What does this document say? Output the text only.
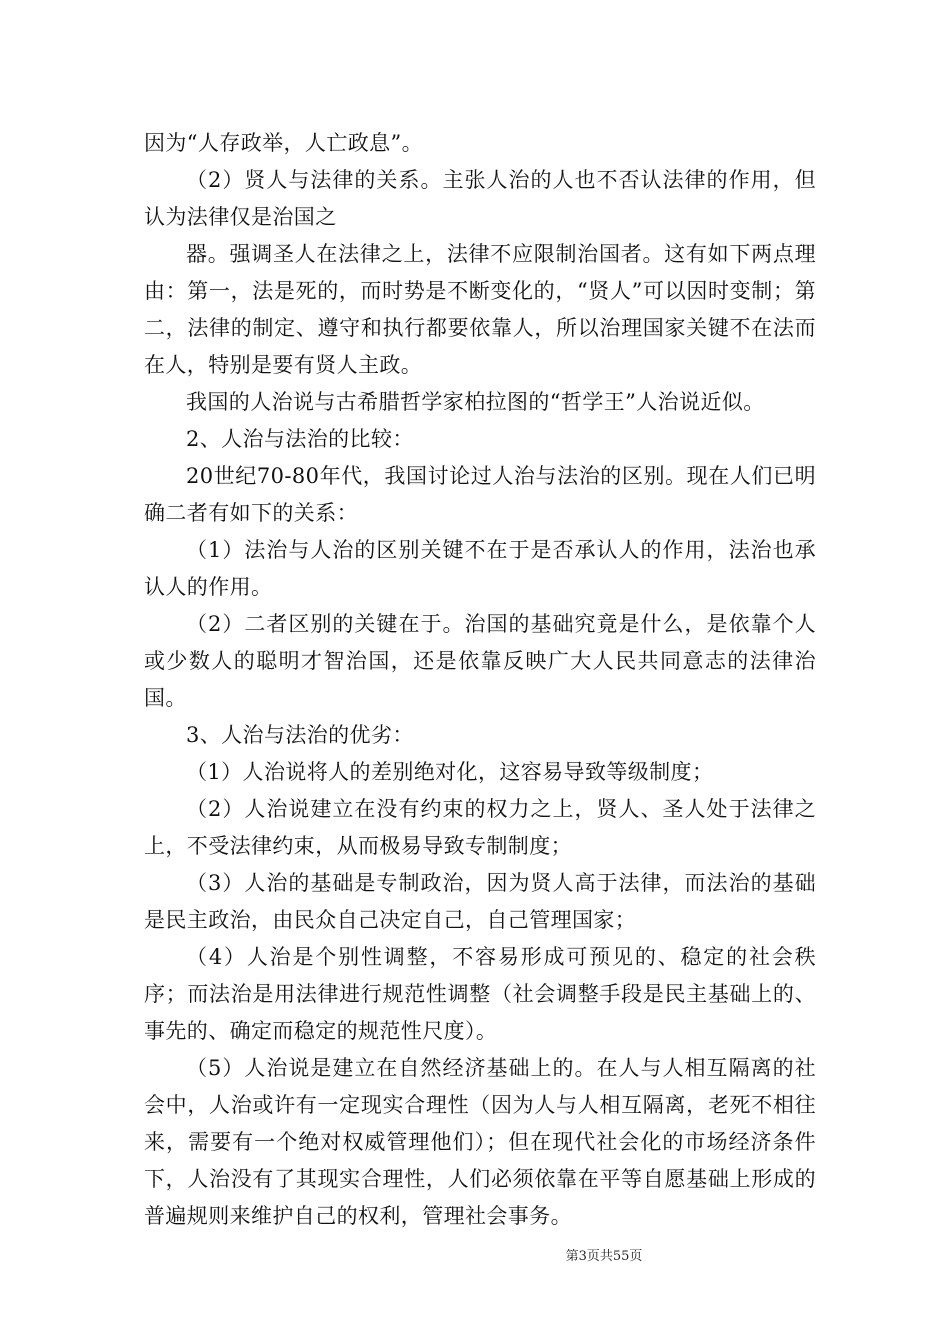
因为“人存政举，人亡政息”。

（2）贤人与法律的关系。主张人治的人也不否认法律的作用，但认为法律仅是治国之

器。强调圣人在法律之上，法律不应限制治国者。这有如下两点理由：第一，法是死的，而时势是不断变化的，“贤人”可以因时变制；第二，法律的制定、遵守和执行都要依靠人，所以治理国家关键不在法而在人，特别是要有贤人主政。

我国的人治说与古希腊哲学家柏拉图的“哲学王”人治说近似。

2、人治与法治的比较：

20世纪70-80年代，我国讨论过人治与法治的区别。现在人们已明确二者有如下的关系：

（1）法治与人治的区别关键不在于是否承认人的作用，法治也承认人的作用。

（2）二者区别的关键在于。治国的基础究竟是什么，是依靠个人或少数人的聪明才智治国，还是依靠反映广大人民共同意志的法律治国。

3、人治与法治的优劣：

（1）人治说将人的差别绝对化，这容易导致等级制度；

（2）人治说建立在没有约束的权力之上，贤人、圣人处于法律之上，不受法律约束，从而极易导致专制制度；

（3）人治的基础是专制政治，因为贤人高于法律，而法治的基础是民主政治，由民众自己决定自己，自己管理国家；

（4）人治是个别性调整，不容易形成可预见的、稳定的社会秩序；而法治是用法律进行规范性调整（社会调整手段是民主基础上的、事先的、确定而稳定的规范性尺度）。

（5）人治说是建立在自然经济基础上的。在人与人相互隔离的社会中，人治或许有一定现实合理性（因为人与人相互隔离，老死不相往来，需要有一个绝对权威管理他们）；但在现代社会化的市场经济条件下，人治没有了其现实合理性，人们必须依靠在平等自愿基础上形成的普遍规则来维护自己的权利，管理社会事务。

第3页共55页
